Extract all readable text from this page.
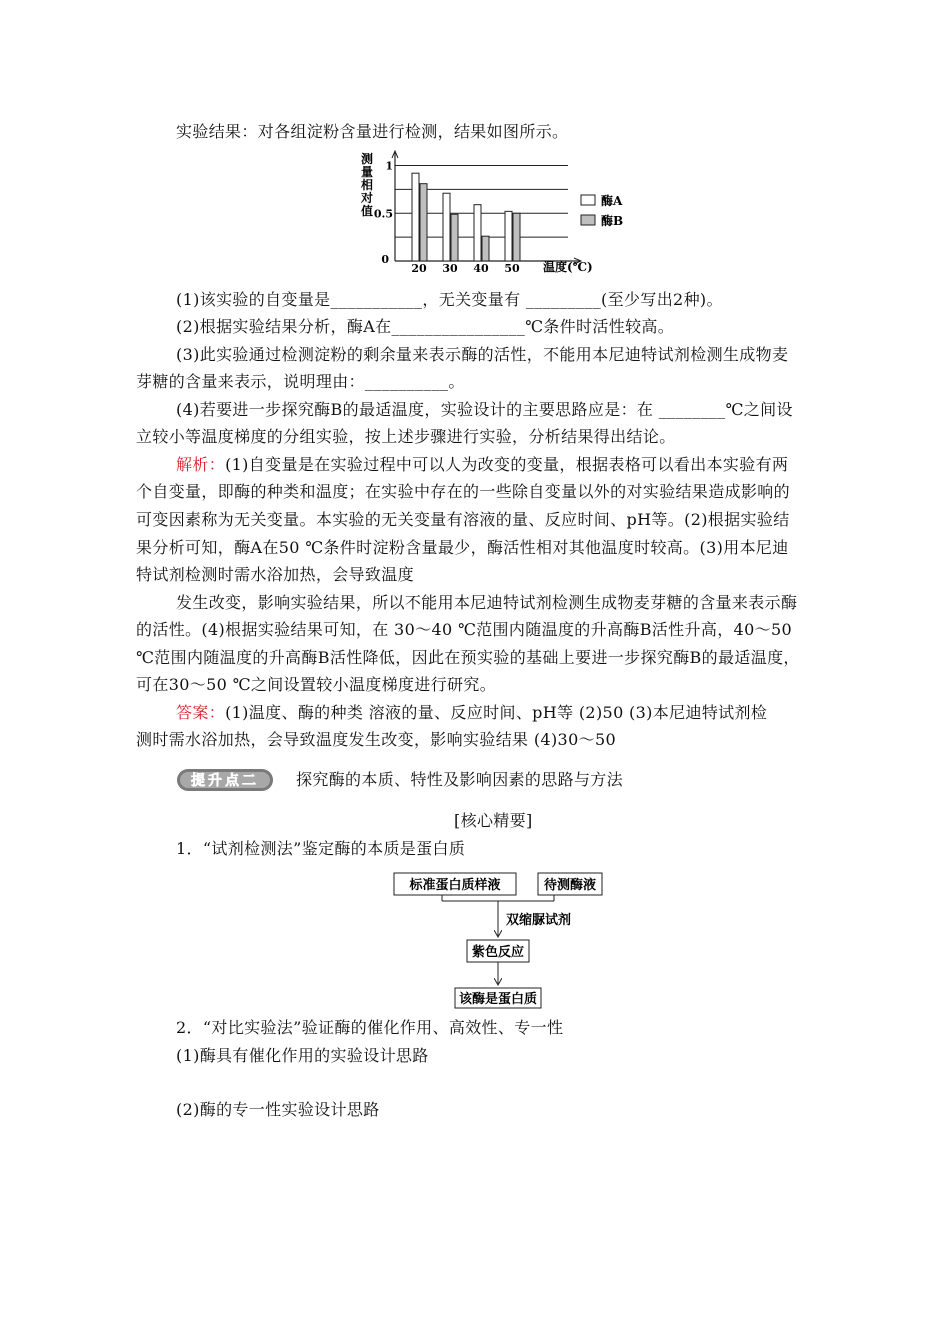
实验结果：对各组淀粉含量进行检测，结果如图所示。
测
量
相
对
值
20 30 40 50
0
0.5
1
温度(℃)
酶A
酶B
(1)该实验的自变量是___________，无关变量有 _________(至少写出2种)。
(2)根据实验结果分析，酶A在________________℃条件时活性较高。
(3)此实验通过检测淀粉的剩余量来表示酶的活性，不能用本尼迪特试剂检测生成物麦
芽糖的含量来表示，说明理由：__________。
(4)若要进一步探究酶B的最适温度，实验设计的主要思路应是：在 ________℃之间设
立较小等温度梯度的分组实验，按上述步骤进行实验，分析结果得出结论。
解析：(1)自变量是在实验过程中可以人为改变的变量，根据表格可以看出本实验有两
个自变量，即酶的种类和温度；在实验中存在的一些除自变量以外的对实验结果造成影响的
可变因素称为无关变量。本实验的无关变量有溶液的量、反应时间、pH等。(2)根据实验结
果分析可知，酶A在50 ℃条件时淀粉含量最少，酶活性相对其他温度时较高。(3)用本尼迪
特试剂检测时需水浴加热，会导致温度
发生改变，影响实验结果，所以不能用本尼迪特试剂检测生成物麦芽糖的含量来表示酶
的活性。(4)根据实验结果可知，在 30～40 ℃范围内随温度的升高酶B活性升高，40～50
℃范围内随温度的升高酶B活性降低，因此在预实验的基础上要进一步探究酶B的最适温度，
可在30～50 ℃之间设置较小温度梯度进行研究。
答案：(1)温度、酶的种类 溶液的量、反应时间、pH等 (2)50 (3)本尼迪特试剂检
测时需水浴加热，会导致温度发生改变，影响实验结果 (4)30～50
提升点二 探究酶的本质、特性及影响因素的思路与方法
[核心精要]
1．“试剂检测法”鉴定酶的本质是蛋白质
标准蛋白质样液	待测酶液
双缩脲试剂
紫色反应
该酶是蛋白质
2．“对比实验法”验证酶的催化作用、高效性、专一性
(1)酶具有催化作用的实验设计思路
(2)酶的专一性实验设计思路
